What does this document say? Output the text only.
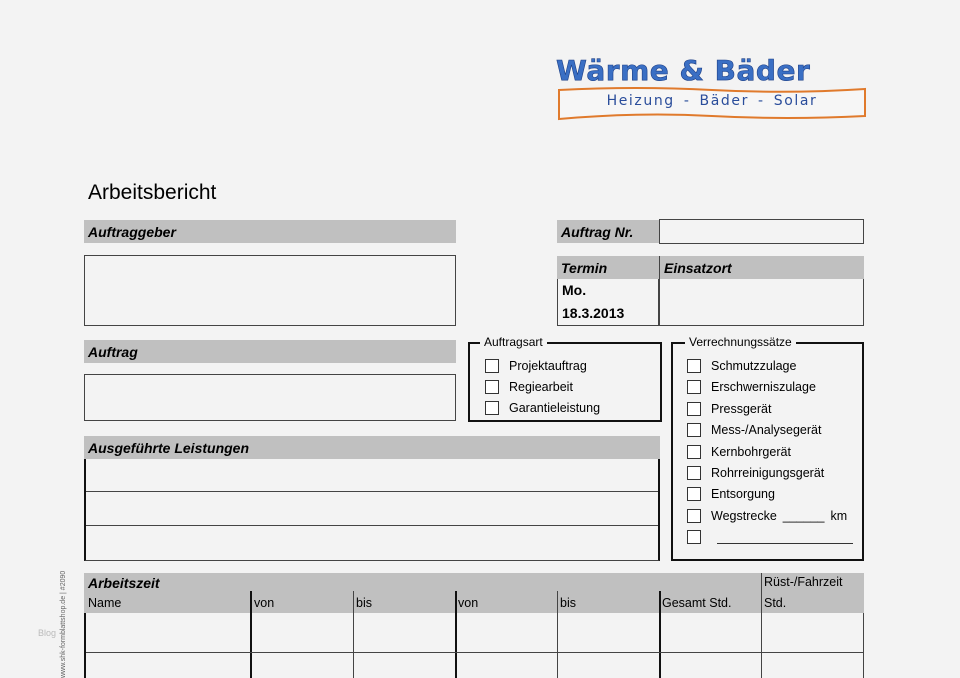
Wärme & Bäder
Heizung - Bäder - Solar
Arbeitsbericht
Auftraggeber	Auftrag Nr.
Termin	Einsatzort
Mo.
18.3.2013
Auftrag
Auftragsart
Projektauftrag
Regiearbeit
Garantieleistung
Verrechnungssätze
Schmutzzulage
Erschwerniszulage
Pressgerät
Mess-/Analysegerät
Kernbohrgerät
Rohrreinigungsgerät
Entsorgung
Wegstrecke ______ km
Ausgeführte Leistungen
Arbeitszeit	Rüst-/Fahrzeit
Name	von	bis	von	bis	Gesamt Std.	Std.
www.shk-formblattshop.de | #2090
Blog
